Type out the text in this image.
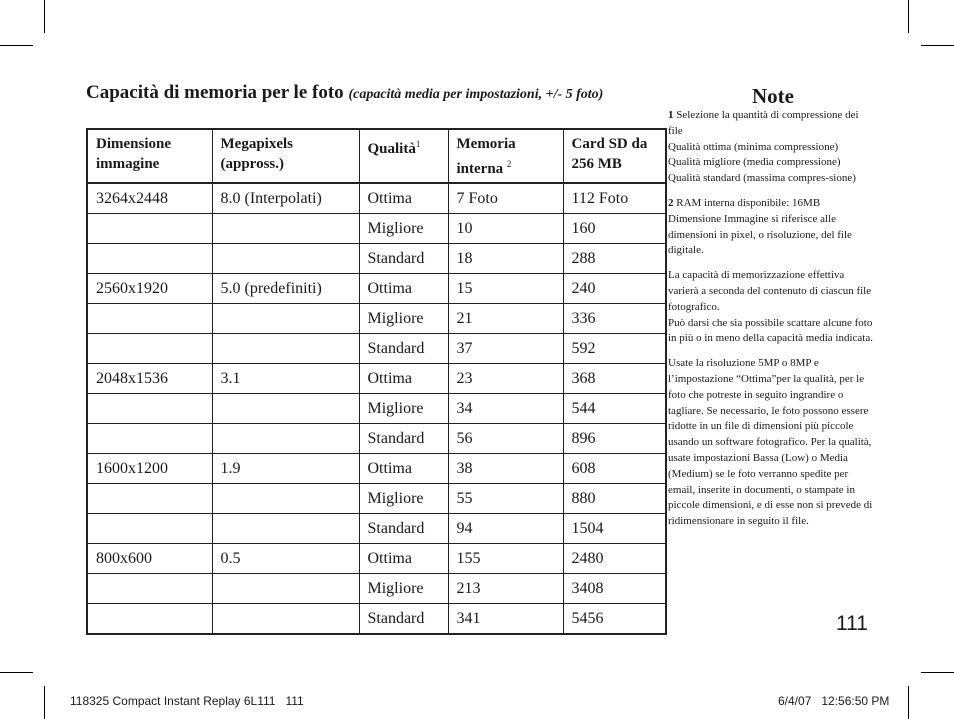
Capacità di memoria per le foto (capacità media per impostazioni, +/- 5 foto)
Dimensione immagine	Megapixels (appross.)	Qualità$^1$	Memoria interna $^2$	Card SD da 256 MB
3264x2448	8.0 (Interpolati)	Ottima	7 Foto	112 Foto
		Migliore	10	160
		Standard	18	288
2560x1920	5.0 (predefiniti)	Ottima	15	240
		Migliore	21	336
		Standard	37	592
2048x1536	3.1	Ottima	23	368
		Migliore	34	544
		Standard	56	896
1600x1200	1.9	Ottima	38	608
		Migliore	55	880
		Standard	94	1504
800x600	0.5	Ottima	155	2480
		Migliore	213	3408
		Standard	341	5456
Note

1 Selezione la quantità di compressione dei file

Qualità ottima (minima compressione)

Qualità migliore (media compressione)

Qualità standard (massima compres-sione)

2 RAM interna disponibile: 16MB

Dimensione Immagine si riferisce alle dimensioni in pixel, o risoluzione, del file digitale.

La capacità di memorizzazione effettiva varierà a seconda del contenuto di ciascun file fotografico.

Può darsi che sia possibile scattare alcune foto in più o in meno della capacità media indicata.

Usate la risoluzione 5MP o 8MP e l’impostazione “Ottima”per la qualità, per le foto che potreste in seguito ingrandire o tagliare. Se necessario, le foto possono essere ridotte in un file di dimensioni più piccole usando un software fotografico. Per la qualità, usate impostazioni Bassa (Low) o Media (Medium) se le foto verranno spedite per email, inserite in documenti, o stampate in piccole dimensioni, e di esse non si prevede di ridimensionare in seguito il file.

111
118325 Compact Instant Replay 6L111   111	6/4/07   12:56:50 PM
